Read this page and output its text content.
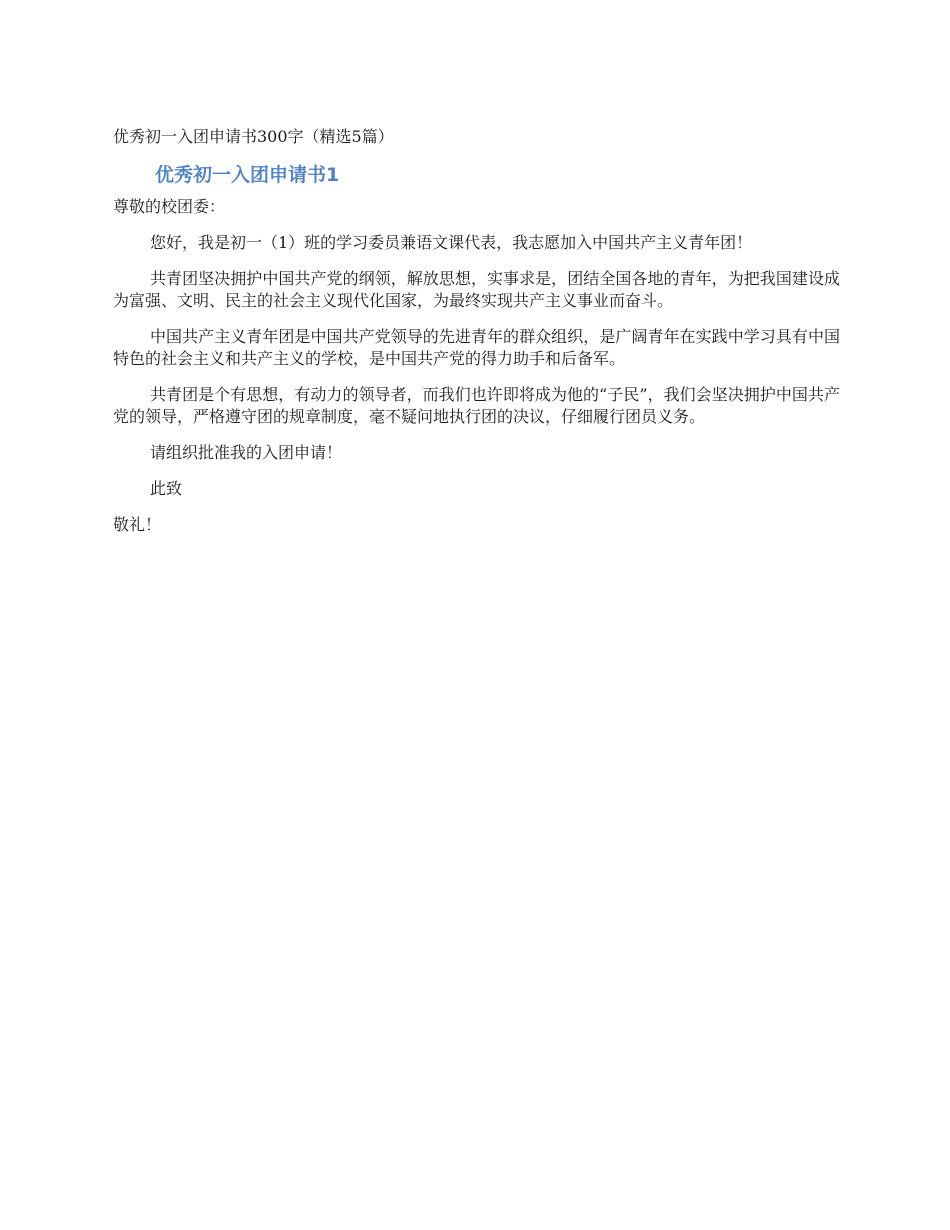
优秀初一入团申请书300字（精选5篇）
优秀初一入团申请书1
尊敬的校团委：
您好，我是初一（1）班的学习委员兼语文课代表，我志愿加入中国共产主义青年团！
共青团坚决拥护中国共产党的纲领，解放思想，实事求是，团结全国各地的青年，为把我国建设成为富强、文明、民主的社会主义现代化国家，为最终实现共产主义事业而奋斗。
中国共产主义青年团是中国共产党领导的先进青年的群众组织，是广阔青年在实践中学习具有中国特色的社会主义和共产主义的学校，是中国共产党的得力助手和后备军。
共青团是个有思想，有动力的领导者，而我们也许即将成为他的“子民”，我们会坚决拥护中国共产党的领导，严格遵守团的规章制度，毫不疑问地执行团的决议，仔细履行团员义务。
请组织批准我的入团申请！
此致
敬礼！
